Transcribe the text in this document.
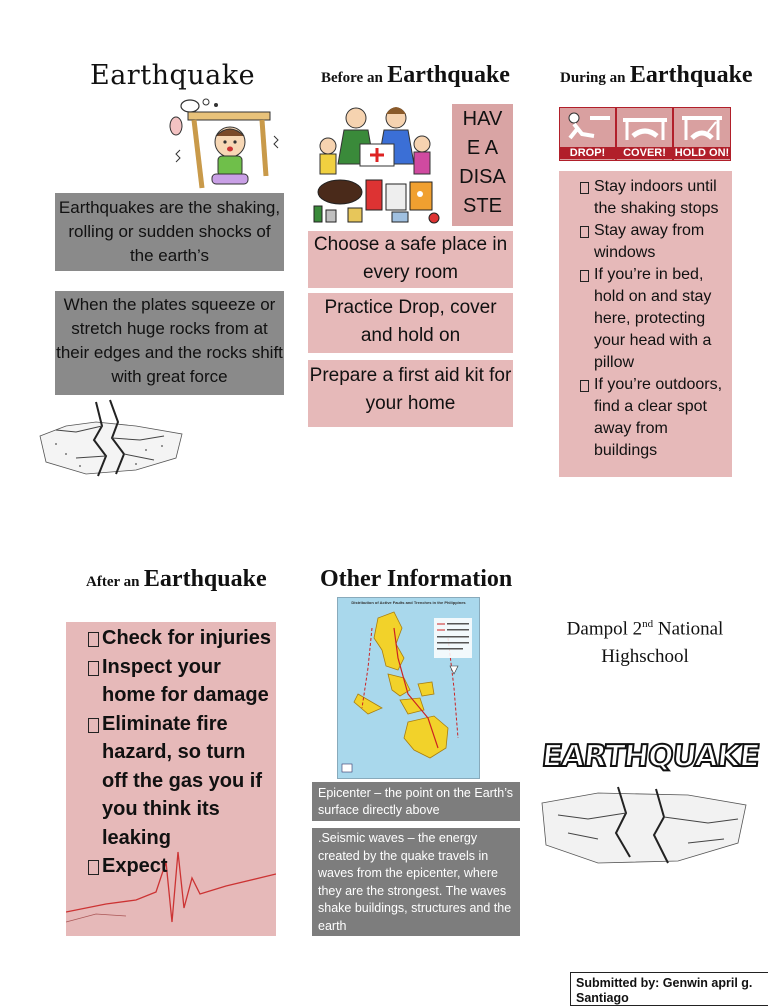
Earthquake
Earthquakes are the shaking, rolling or sudden shocks of the earth’s
When the plates squeeze or stretch huge rocks from at their edges and the rocks shift with great force
Before an Earthquake
HAV
E A
DISA
STE
Choose a safe place in every room
Practice Drop, cover and hold on
Prepare a first aid kit for your home
During an Earthquake
DROP!	COVER! HOLD ON!
Stay indoors until the shaking stops
Stay away from windows
If you’re in bed, hold on and stay here, protecting your head with a pillow
If you’re outdoors, find a clear spot away from buildings
After an Earthquake
Check for injuries
Inspect your home for damage
Eliminate fire hazard, so turn off the gas you if you think its leaking
Expect
Other Information
Distribution of Active Faults and Trenches in the Philippines
Epicenter – the point on the Earth’s surface directly above
.Seismic waves – the energy created by the quake travels in waves from the epicenter, where they are the strongest. The waves shake buildings, structures and the earth
Dampol 2nd National
Highschool
EARTHQUAKE
Submitted by: Genwin april g. Santiago
